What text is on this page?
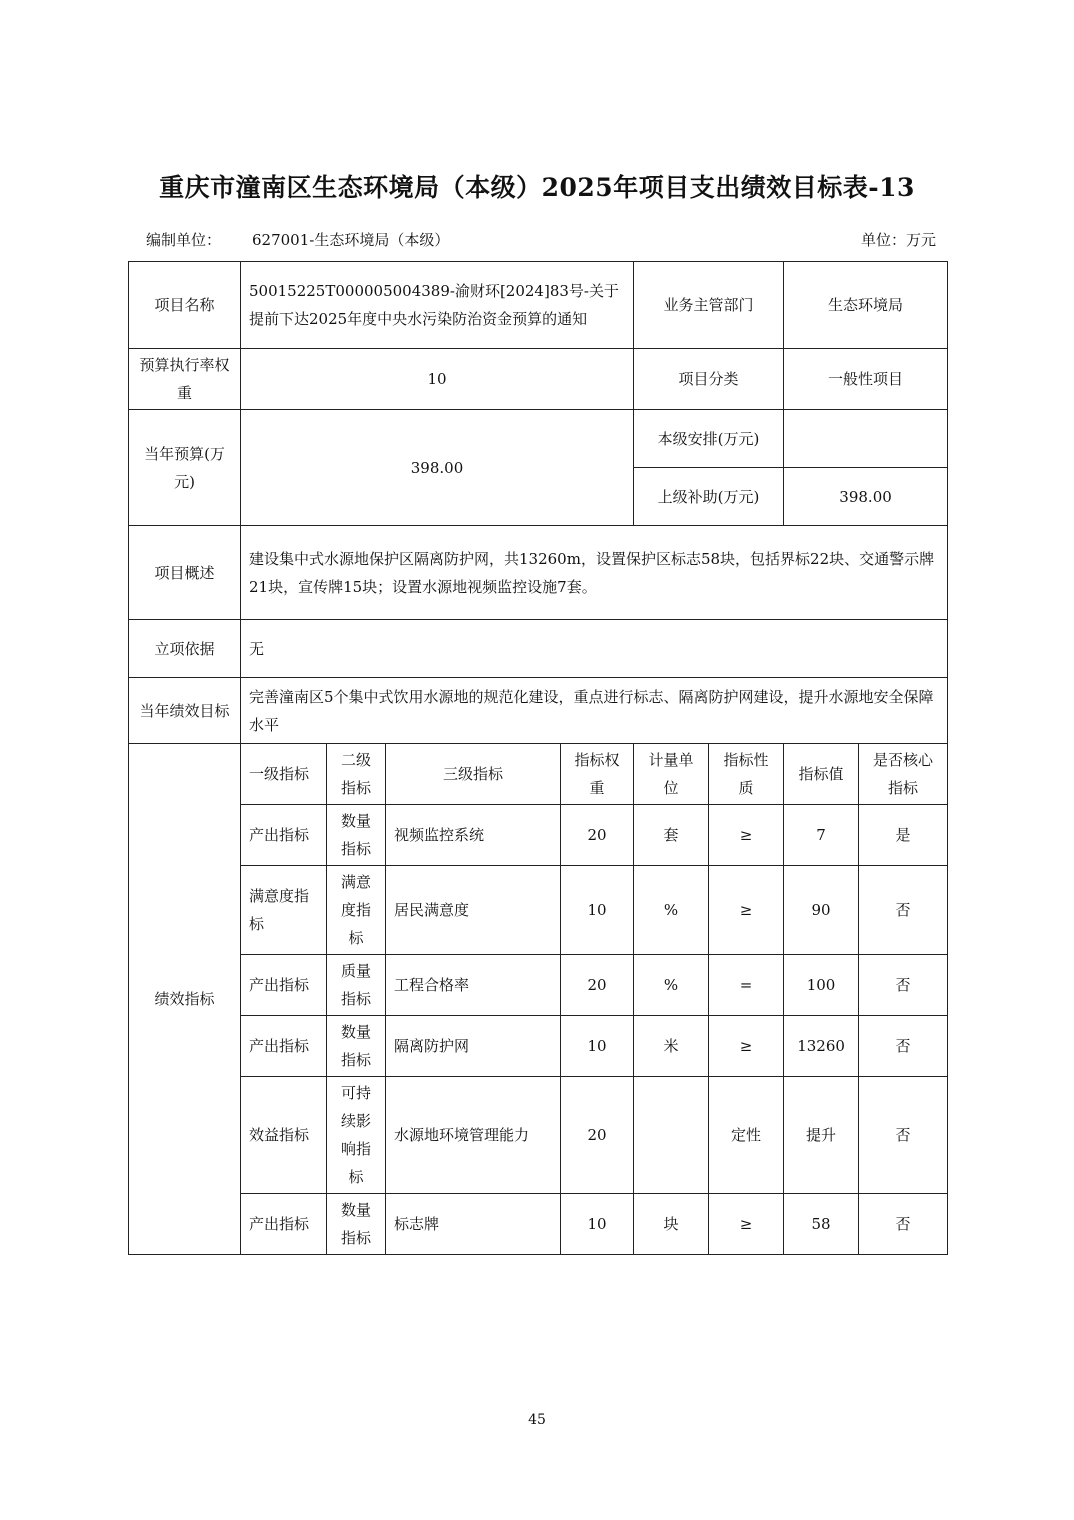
重庆市潼南区生态环境局（本级）2025年项目支出绩效目标表-13
编制单位： 627001-生态环境局（本级）	单位：万元
项目名称	50015225T000005004389-渝财环[2024]83号-关于提前下达2025年度中央水污染防治资金预算的通知				业务主管部门		生态环境局	
预算执行率权重	10				项目分类		一般性项目	
当年预算(万元)	398.00				本级安排(万元)			
					上级补助(万元)		398.00	
项目概述	建设集中式水源地保护区隔离防护网，共13260m，设置保护区标志58块，包括界标22块、交通警示牌21块，宣传牌15块；设置水源地视频监控设施7套。							
立项依据	无							
当年绩效目标	完善潼南区5个集中式饮用水源地的规范化建设，重点进行标志、隔离防护网建设，提升水源地安全保障水平							
绩效指标	一级指标	二级指标	三级指标	指标权重	计量单位	指标性质	指标值	是否核心指标
	产出指标	数量指标	视频监控系统	20	套	≥	7	是
	满意度指标	满意度指标	居民满意度	10	%	≥	90	否
	产出指标	质量指标	工程合格率	20	%	=	100	否
	产出指标	数量指标	隔离防护网	10	米	≥	13260	否
	效益指标	可持续影响指标	水源地环境管理能力	20		定性	提升	否
	产出指标	数量指标	标志牌	10	块	≥	58	否
45
